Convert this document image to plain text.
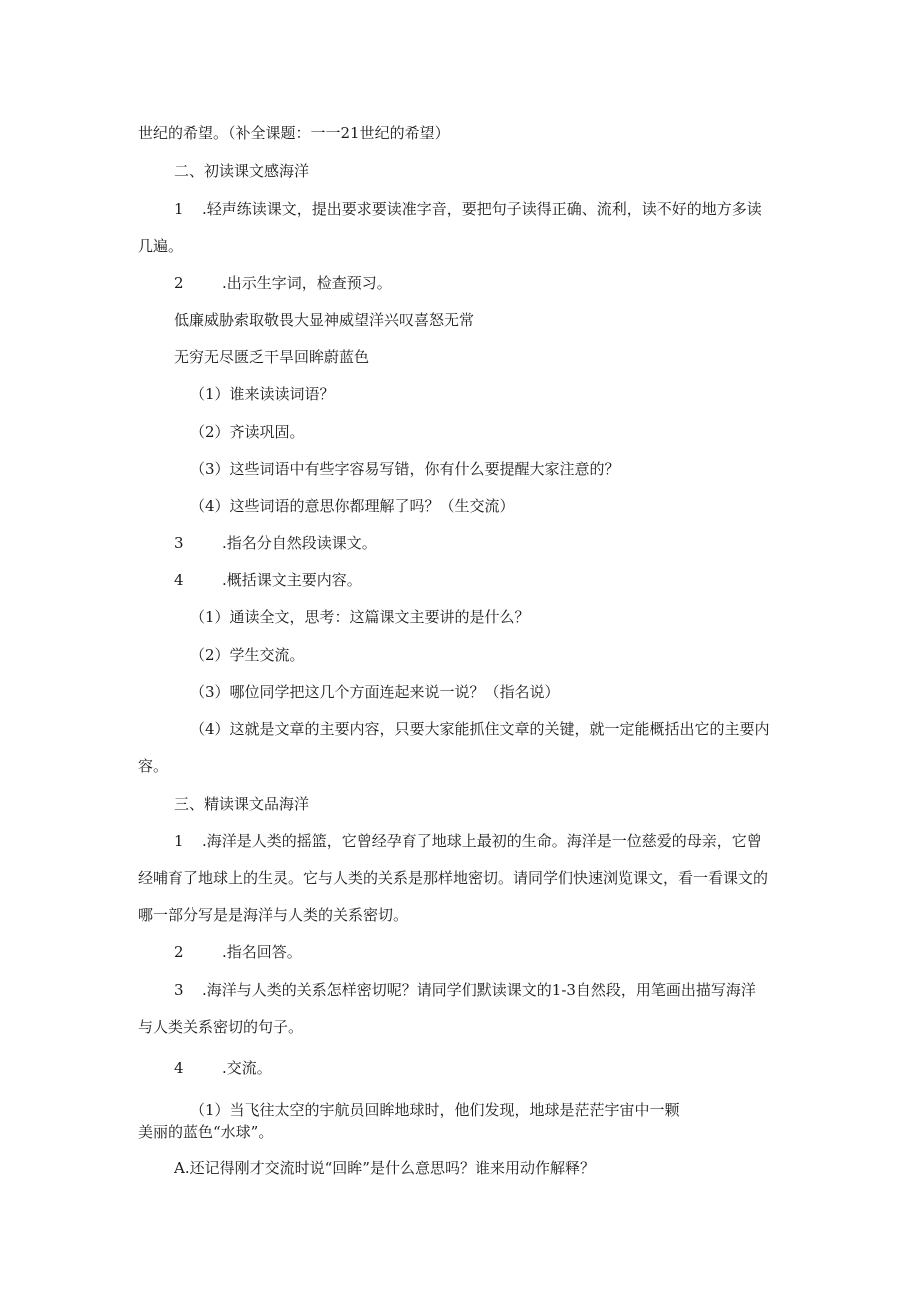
世纪的希望。（补全课题：一一21世纪的希望）
二、初读课文感海洋
1 .轻声练读课文，提出要求要读准字音，要把句子读得正确、流利，读不好的地方多读
几遍。
2	.出示生字词，检查预习。
低廉威胁索取敬畏大显神威望洋兴叹喜怒无常
无穷无尽匮乏干旱回眸蔚蓝色
（1）谁来读读词语？
（2）齐读巩固。
（3）这些词语中有些字容易写错，你有什么要提醒大家注意的？
（4）这些词语的意思你都理解了吗？（生交流）
3	.指名分自然段读课文。
4	.概括课文主要内容。
（1）通读全文，思考：这篇课文主要讲的是什么？
（2）学生交流。
（3）哪位同学把这几个方面连起来说一说？（指名说）
（4）这就是文章的主要内容，只要大家能抓住文章的关键，就一定能概括出它的主要内
容。
三、精读课文品海洋
1 .海洋是人类的摇篮，它曾经孕育了地球上最初的生命。海洋是一位慈爱的母亲，它曾
经哺育了地球上的生灵。它与人类的关系是那样地密切。请同学们快速浏览课文，看一看课文的
哪一部分写是是海洋与人类的关系密切。
2	.指名回答。
3 .海洋与人类的关系怎样密切呢？请同学们默读课文的1-3自然段，用笔画出描写海洋
与人类关系密切的句子。
4	.交流。
（1）当飞往太空的宇航员回眸地球时，他们发现，地球是茫茫宇宙中一颗
美丽的蓝色“水球”。
A.还记得刚才交流时说“回眸”是什么意思吗？谁来用动作解释？
